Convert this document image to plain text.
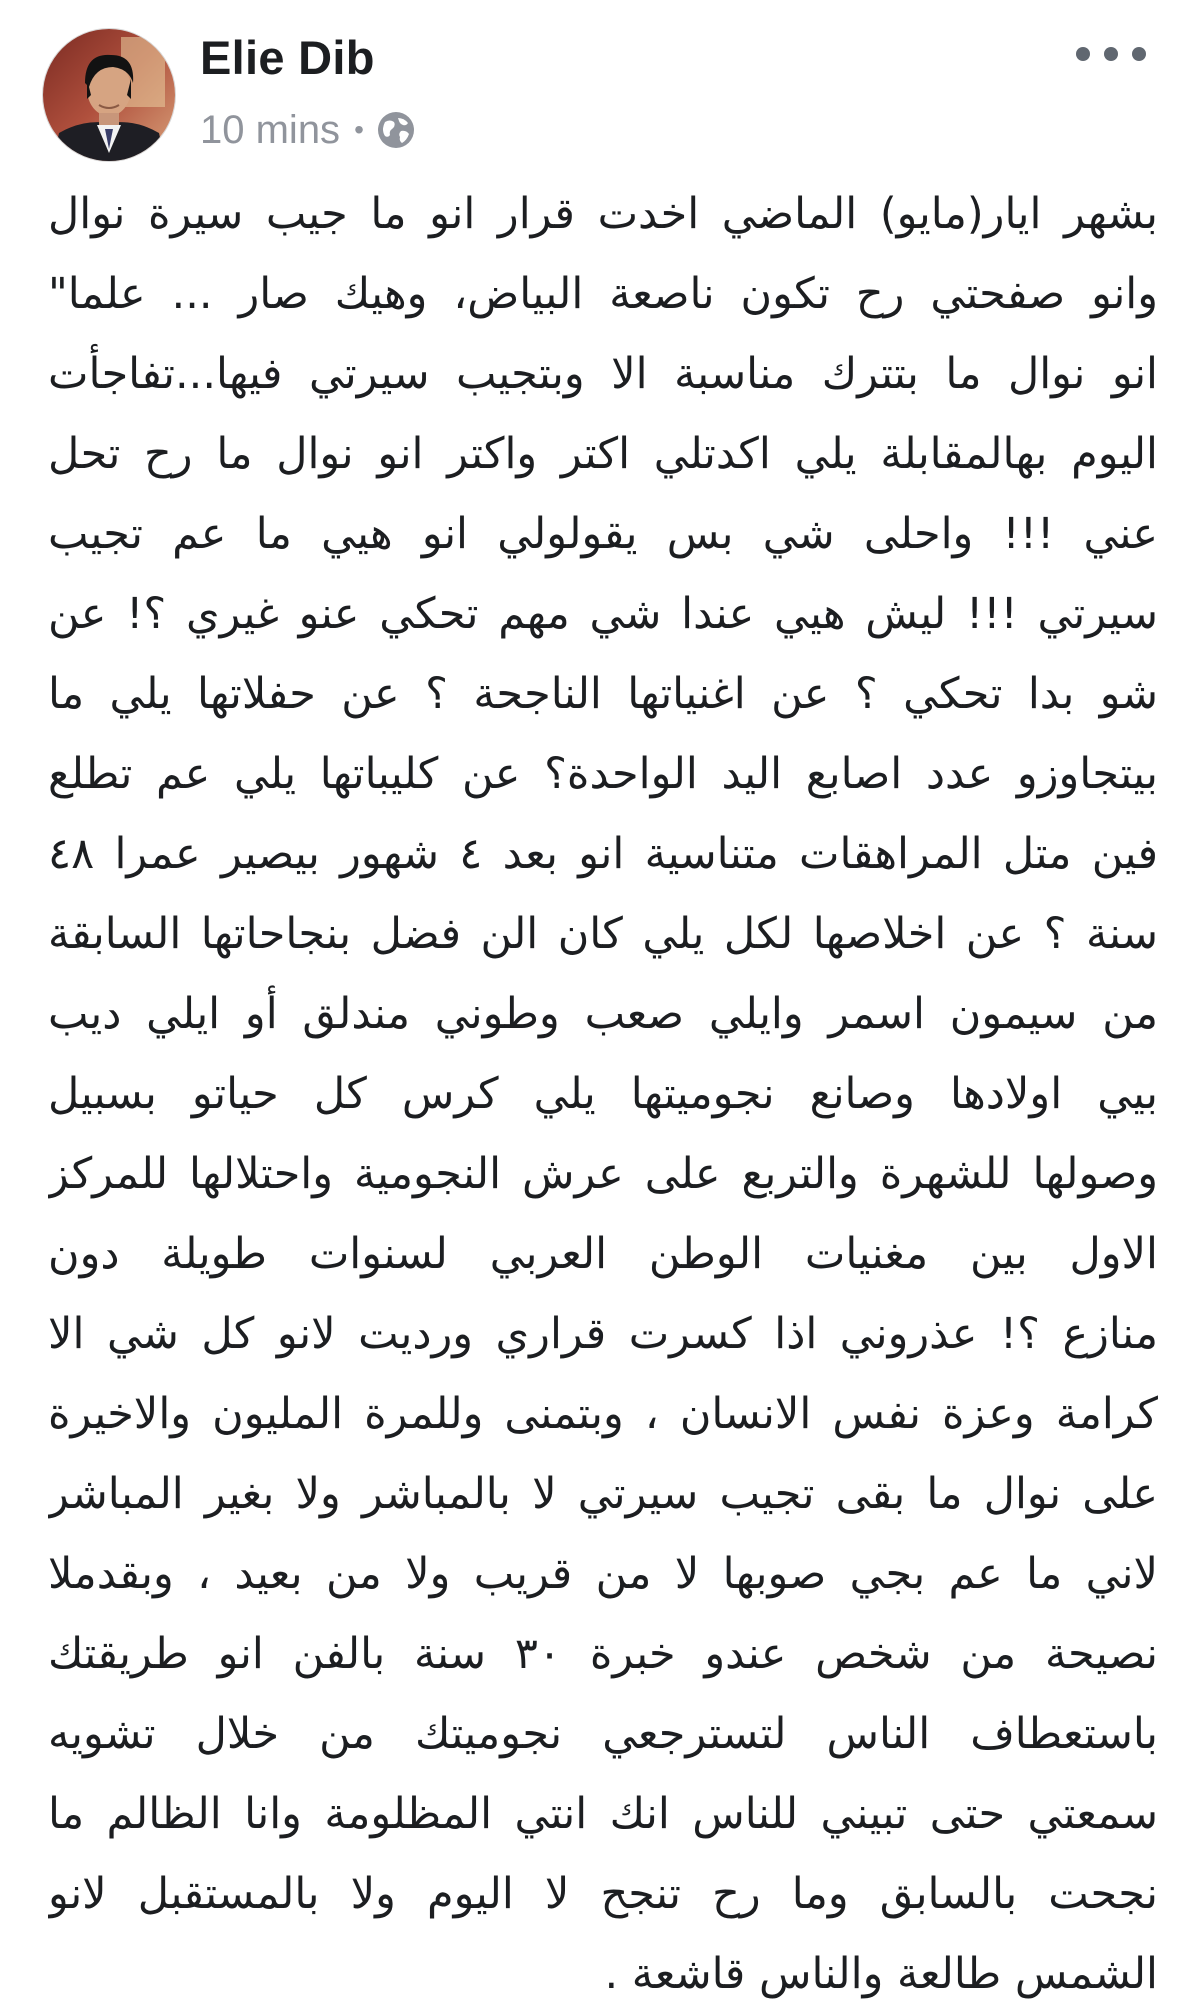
Elie Dib
10 mins •
بشهر ايار(مايو) الماضي اخدت قرار انو ما جيب سيرة نوال
وانو صفحتي رح تكون ناصعة البياض، وهيك صار ... علما"
انو نوال ما بتترك مناسبة الا وبتجيب سيرتي فيها...تفاجأت
اليوم بهالمقابلة يلي اكدتلي اكتر واكتر انو نوال ما رح تحل
عني !!! واحلى شي بس يقولولي انو هيي ما عم تجيب
سيرتي !!! ليش هيي عندا شي مهم تحكي عنو غيري ؟! عن
شو بدا تحكي ؟ عن اغنياتها الناجحة ؟ عن حفلاتها يلي ما
بيتجاوزو عدد اصابع اليد الواحدة؟ عن كليباتها يلي عم تطلع
فين متل المراهقات متناسية انو بعد ٤ شهور بيصير عمرا ٤٨
سنة ؟ عن اخلاصها لكل يلي كان الن فضل بنجاحاتها السابقة
من سيمون اسمر وايلي صعب وطوني مندلق أو ايلي ديب
بيي اولادها وصانع نجوميتها يلي كرس كل حياتو بسبيل
وصولها للشهرة والتربع على عرش النجومية واحتلالها للمركز
الاول بين مغنيات الوطن العربي لسنوات طويلة دون
منازع ؟! عذروني اذا كسرت قراري ورديت لانو كل شي الا
كرامة وعزة نفس الانسان ، وبتمنى وللمرة المليون والاخيرة
على نوال ما بقى تجيب سيرتي لا بالمباشر ولا بغير المباشر
لاني ما عم بجي صوبها لا من قريب ولا من بعيد ، وبقدملا
نصيحة من شخص عندو خبرة ٣٠ سنة بالفن انو طريقتك
باستعطاف الناس لتسترجعي نجوميتك من خلال تشويه
سمعتي حتى تبيني للناس انك انتي المظلومة وانا الظالم ما
نجحت بالسابق وما رح تنجح لا اليوم ولا بالمستقبل لانو
الشمس طالعة والناس قاشعة .
